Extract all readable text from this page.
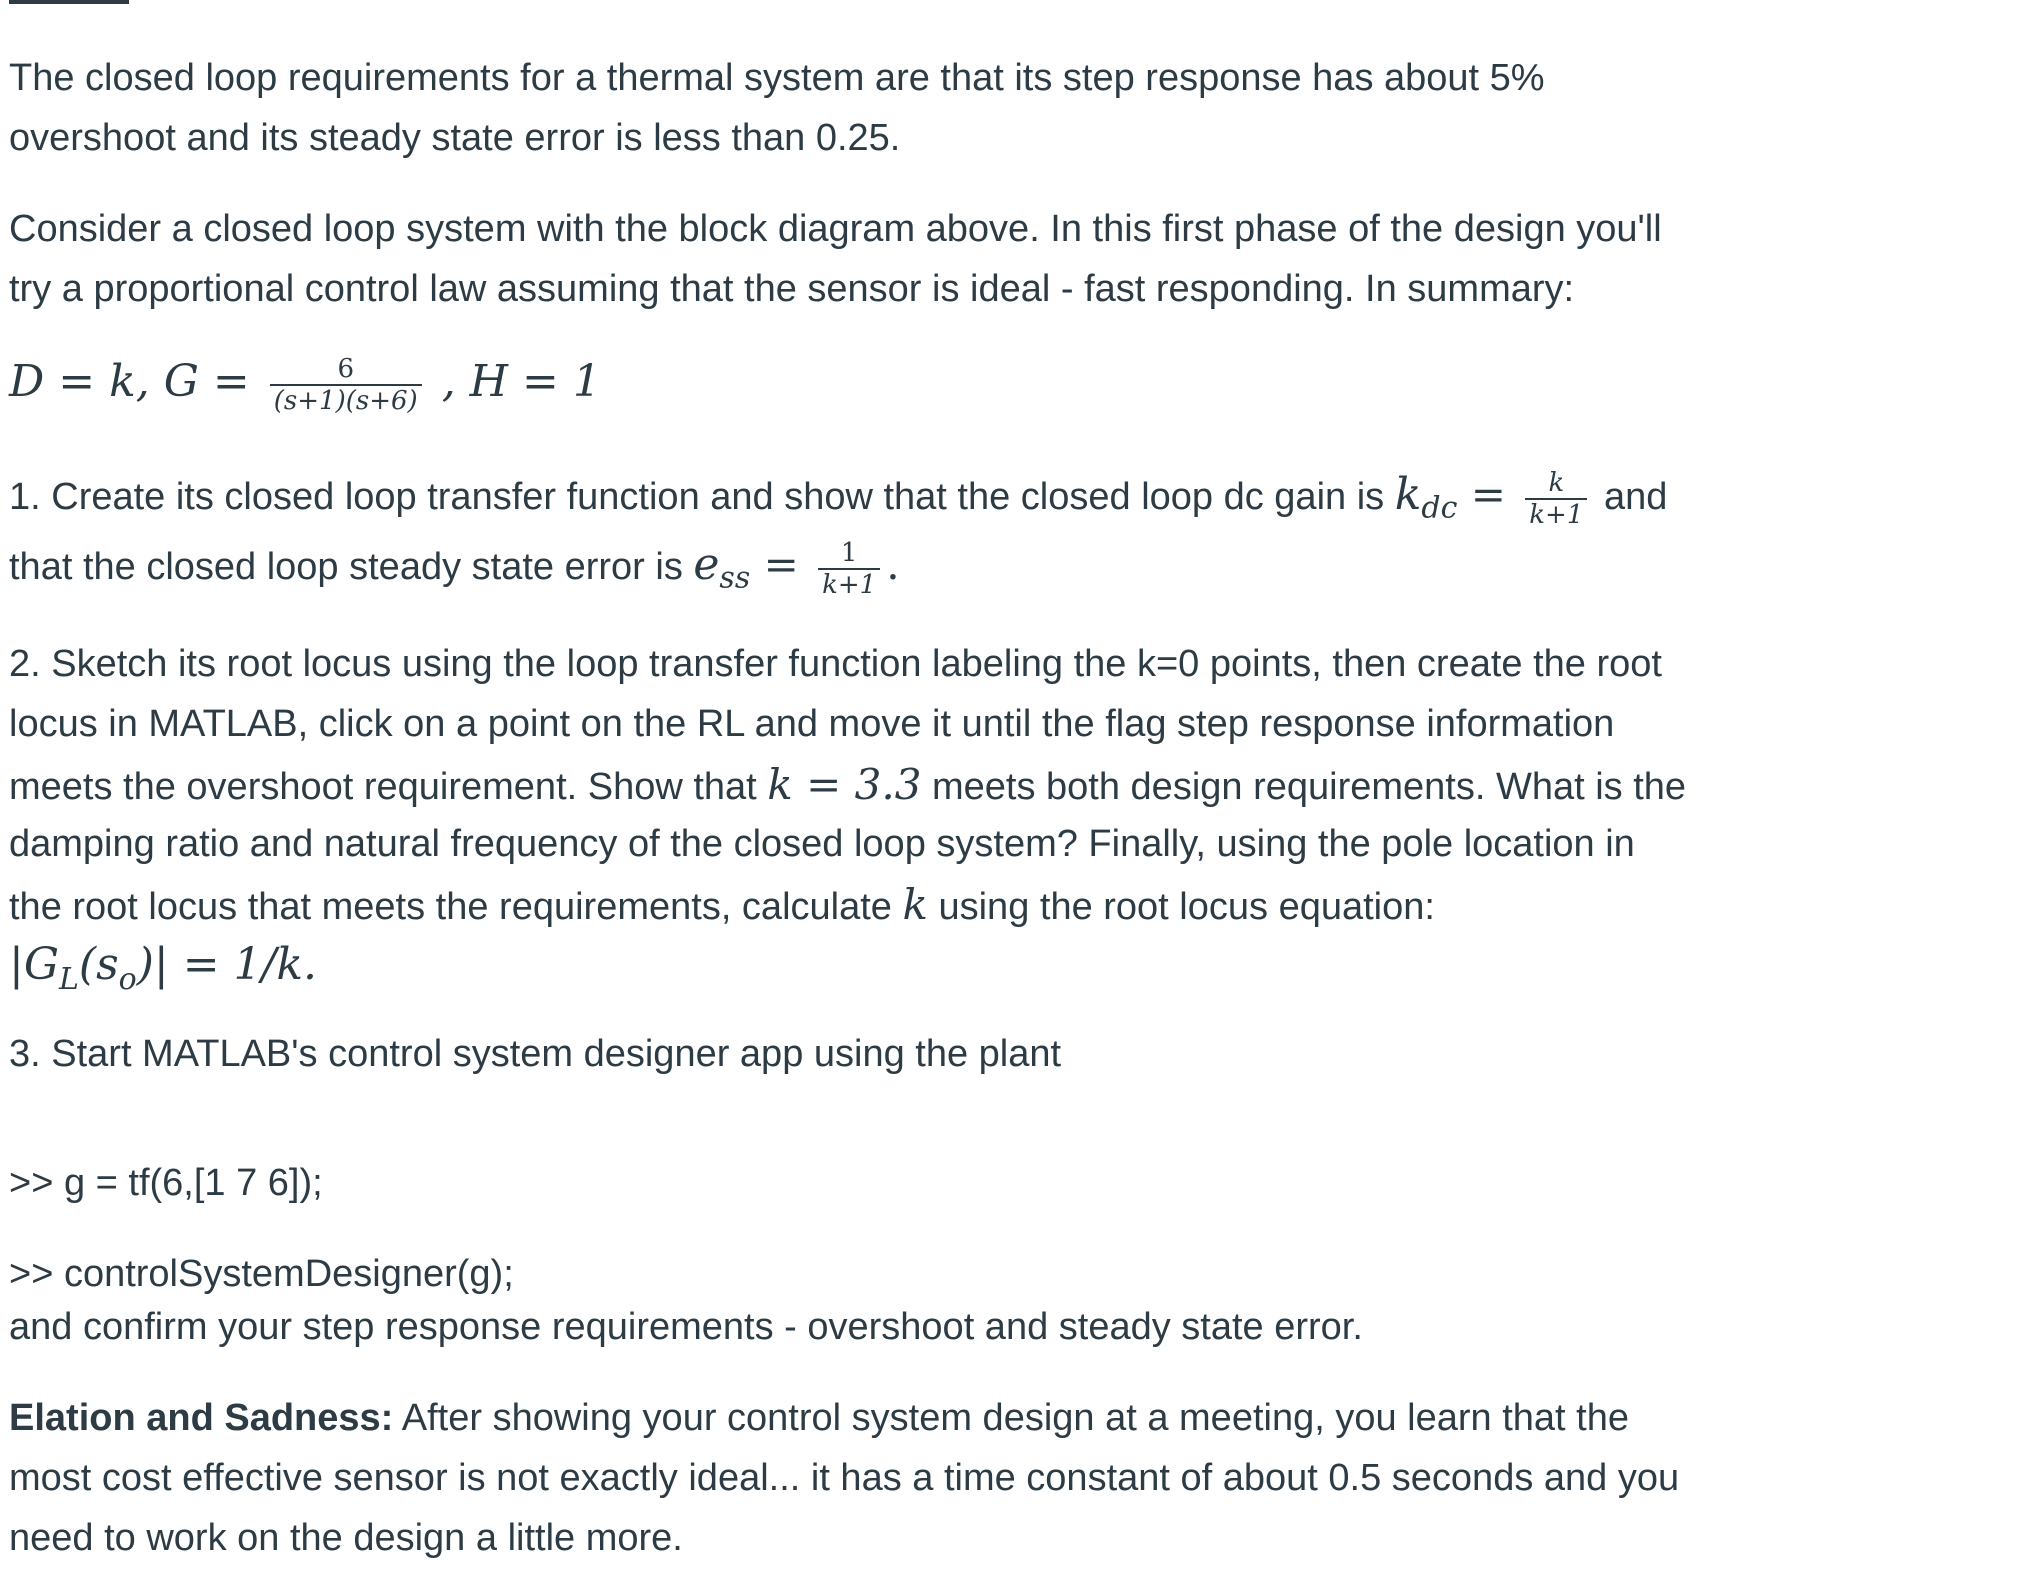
The closed loop requirements for a thermal system are that its step response has about 5%

overshoot and its steady state error is less than 0.25.

Consider a closed loop system with the block diagram above. In this first phase of the design you'll

try a proportional control law assuming that the sensor is ideal - fast responding. In summary:

D = k, $G = \frac{6}{(s+1)(s+6)}$ , H = 1
1. Create its closed loop transfer function and show that the closed loop dc gain is $k_{dc} = \frac{k}{k+1}$ and
that the closed loop steady state error is $e_{ss} = \frac{1}{k+1}$ .

2. Sketch its root locus using the loop transfer function labeling the k=0 points, then create the root

locus in MATLAB, click on a point on the RL and move it until the flag step response information

meets the overshoot requirement. Show that k = 3.3 meets both design requirements. What is the

damping ratio and natural frequency of the closed loop system? Finally, using the pole location in

the root locus that meets the requirements, calculate k using the root locus equation:
$|G_L(s_o)| = 1/k$.

3. Start MATLAB's control system designer app using the plant

>> g = tf(6,[1 7 6]);

>> controlSystemDesigner(g);

and confirm your step response requirements - overshoot and steady state error.

Elation and Sadness: After showing your control system design at a meeting, you learn that the

most cost effective sensor is not exactly ideal... it has a time constant of about 0.5 seconds and you

need to work on the design a little more.
